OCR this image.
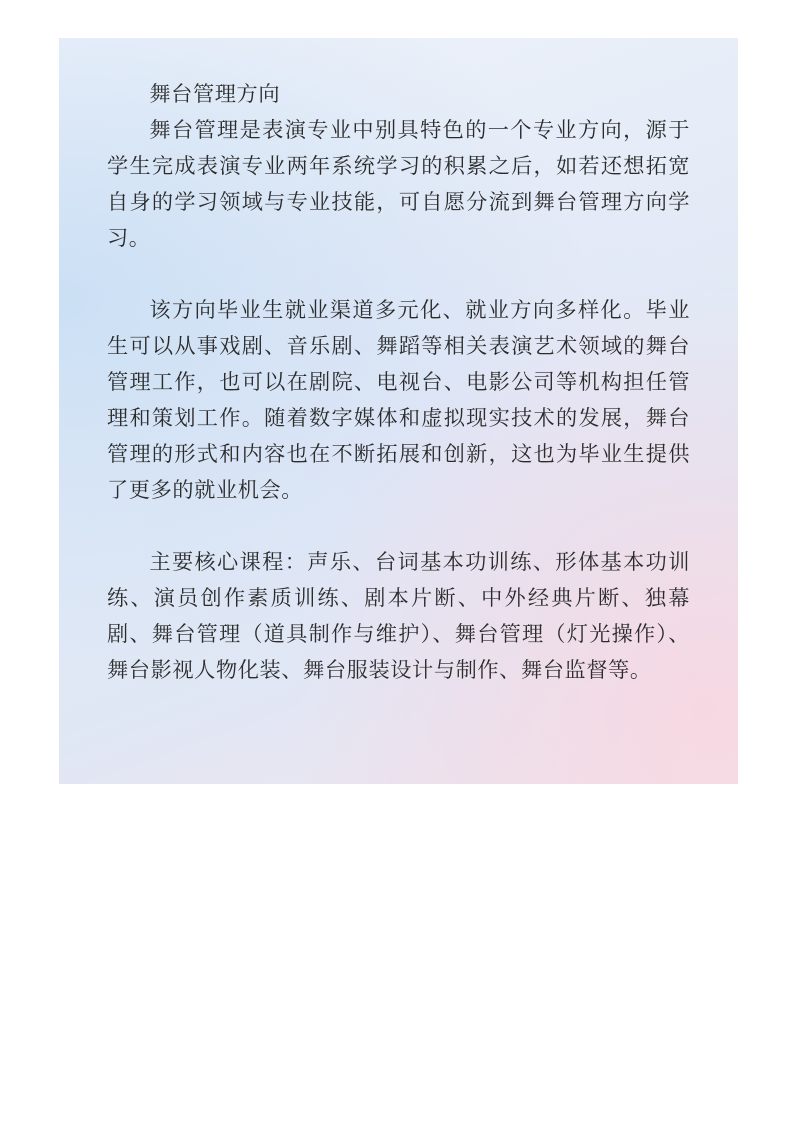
舞台管理方向

舞台管理是表演专业中别具特色的一个专业方向，源于学生完成表演专业两年系统学习的积累之后，如若还想拓宽自身的学习领域与专业技能，可自愿分流到舞台管理方向学习。

该方向毕业生就业渠道多元化、就业方向多样化。毕业生可以从事戏剧、音乐剧、舞蹈等相关表演艺术领域的舞台管理工作，也可以在剧院、电视台、电影公司等机构担任管理和策划工作。随着数字媒体和虚拟现实技术的发展，舞台管理的形式和内容也在不断拓展和创新，这也为毕业生提供了更多的就业机会。

主要核心课程：声乐、台词基本功训练、形体基本功训练、演员创作素质训练、剧本片断、中外经典片断、独幕剧、舞台管理（道具制作与维护）、舞台管理（灯光操作）、舞台影视人物化装、舞台服装设计与制作、舞台监督等。
